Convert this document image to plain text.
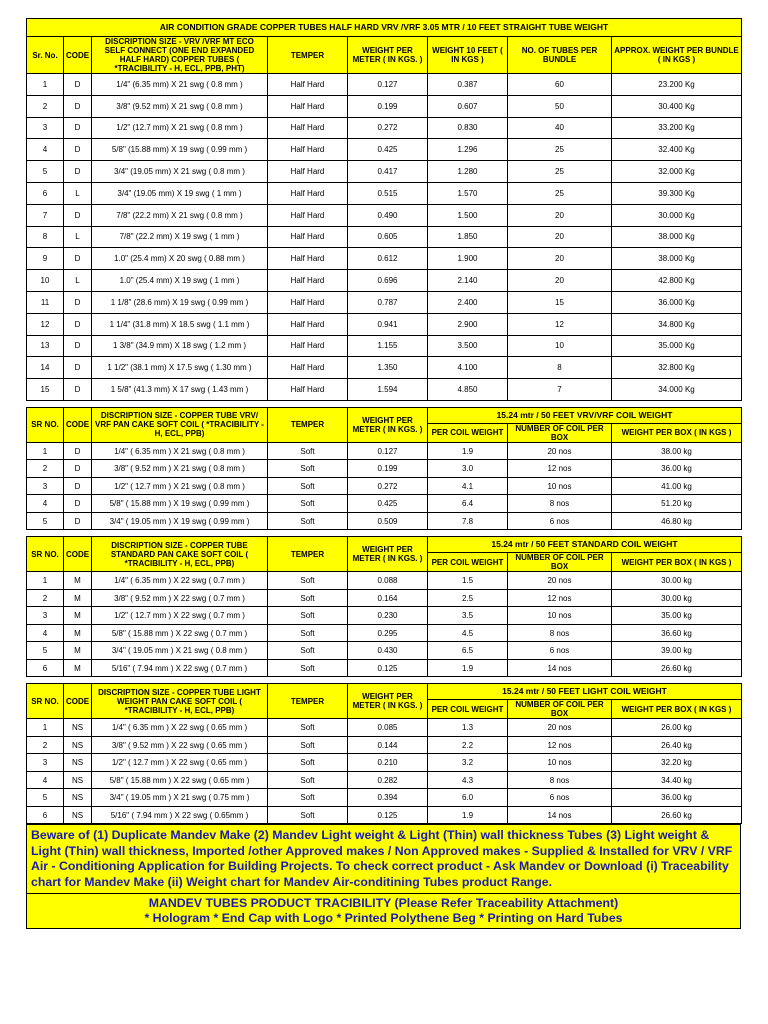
AIR CONDITION GRADE COPPER TUBES HALF HARD VRV /VRF 3.05 MTR / 10 FEET STRAIGHT TUBE WEIGHT							
Sr. No.	CODE	DISCRIPTION SIZE - VRV /VRF MT ECO SELF CONNECT (ONE END EXPANDED HALF HARD) COPPER TUBES ( *TRACIBILITY - H, ECL, PPB, PHT)	TEMPER	WEIGHT PER METER ( IN KGS. )	WEIGHT 10 FEET ( IN KGS )	NO. OF TUBES PER BUNDLE	APPROX. WEIGHT PER BUNDLE ( IN KGS )
1	D	1/4" (6.35 mm) X 21 swg ( 0.8 mm )	Half Hard	0.127	0.387	60	23.200 Kg
2	D	3/8" (9.52 mm) X 21 swg ( 0.8 mm )	Half Hard	0.199	0.607	50	30.400 Kg
3	D	1/2" (12.7 mm) X 21 swg ( 0.8 mm )	Half Hard	0.272	0.830	40	33.200 Kg
4	D	5/8" (15.88 mm) X 19 swg ( 0.99 mm )	Half Hard	0.425	1.296	25	32.400 Kg
5	D	3/4" (19.05 mm) X 21 swg ( 0.8 mm )	Half Hard	0.417	1.280	25	32.000 Kg
6	L	3/4" (19.05 mm) X 19 swg ( 1 mm )	Half Hard	0.515	1.570	25	39.300 Kg
7	D	7/8" (22.2 mm) X 21 swg ( 0.8 mm )	Half Hard	0.490	1.500	20	30.000 Kg
8	L	7/8" (22.2 mm) X 19 swg ( 1 mm )	Half Hard	0.605	1.850	20	38.000 Kg
9	D	1.0" (25.4 mm) X 20 swg ( 0.88 mm )	Half Hard	0.612	1.900	20	38.000 Kg
10	L	1.0" (25.4 mm) X 19 swg ( 1 mm )	Half Hard	0.696	2.140	20	42.800 Kg
11	D	1 1/8" (28.6 mm) X 19 swg ( 0.99 mm )	Half Hard	0.787	2.400	15	36.000 Kg
12	D	1 1/4" (31.8 mm) X 18.5 swg ( 1.1 mm )	Half Hard	0.941	2.900	12	34.800 Kg
13	D	1 3/8" (34.9 mm) X 18 swg ( 1.2 mm )	Half Hard	1.155	3.500	10	35.000 Kg
14	D	1 1/2" (38.1 mm) X 17.5 swg ( 1.30 mm )	Half Hard	1.350	4.100	8	32.800 Kg
15	D	1 5/8" (41.3 mm) X 17 swg ( 1.43 mm )	Half Hard	1.594	4.850	7	34.000 Kg
SR NO.	CODE	DISCRIPTION SIZE - COPPER TUBE VRV/ VRF PAN CAKE SOFT COIL ( *TRACIBILITY - H, ECL, PPB)	TEMPER	WEIGHT PER METER ( IN KGS. )	15.24 mtr / 50 FEET VRV/VRF COIL WEIGHT		
					PER COIL WEIGHT	NUMBER OF COIL PER BOX	WEIGHT PER BOX ( IN KGS )
1	D	1/4" ( 6.35 mm ) X 21 swg ( 0.8 mm )	Soft	0.127	1.9	20 nos	38.00 kg
2	D	3/8" ( 9.52 mm ) X 21 swg ( 0.8 mm )	Soft	0.199	3.0	12 nos	36.00 kg
3	D	1/2" ( 12.7 mm ) X 21 swg ( 0.8 mm )	Soft	0.272	4.1	10 nos	41.00 kg
4	D	5/8" ( 15.88 mm ) X 19 swg ( 0.99 mm )	Soft	0.425	6.4	8 nos	51.20 kg
5	D	3/4" ( 19.05 mm ) X 19 swg ( 0.99 mm )	Soft	0.509	7.8	6 nos	46.80 kg
SR NO.	CODE	DISCRIPTION SIZE - COPPER TUBE STANDARD PAN CAKE SOFT COIL ( *TRACIBILITY - H, ECL, PPB)	TEMPER	WEIGHT PER METER ( IN KGS. )	15.24 mtr / 50 FEET STANDARD COIL WEIGHT		
					PER COIL WEIGHT	NUMBER OF COIL PER BOX	WEIGHT PER BOX ( IN KGS )
1	M	1/4" ( 6.35 mm ) X 22 swg ( 0.7 mm )	Soft	0.088	1.5	20 nos	30.00 kg
2	M	3/8" ( 9.52 mm ) X 22 swg ( 0.7 mm )	Soft	0.164	2.5	12 nos	30.00 kg
3	M	1/2" ( 12.7 mm ) X 22 swg ( 0.7 mm )	Soft	0.230	3.5	10 nos	35.00 kg
4	M	5/8" ( 15.88 mm ) X 22 swg ( 0.7 mm )	Soft	0.295	4.5	8 nos	36.60 kg
5	M	3/4" ( 19.05 mm ) X 21 swg ( 0.8 mm )	Soft	0.430	6.5	6 nos	39.00 kg
6	M	5/16" ( 7.94 mm ) X 22 swg ( 0.7 mm )	Soft	0.125	1.9	14 nos	26.60 kg
SR NO.	CODE	DISCRIPTION SIZE - COPPER TUBE LIGHT WEIGHT PAN CAKE SOFT COIL ( *TRACIBILITY - H, ECL, PPB)	TEMPER	WEIGHT PER METER ( IN KGS. )	15.24 mtr / 50 FEET LIGHT COIL WEIGHT		
					PER COIL WEIGHT	NUMBER OF COIL PER BOX	WEIGHT PER BOX ( IN KGS )
1	NS	1/4" ( 6.35 mm ) X 22 swg ( 0.65 mm )	Soft	0.085	1.3	20 nos	26.00 kg
2	NS	3/8" ( 9.52 mm ) X 22 swg ( 0.65 mm )	Soft	0.144	2.2	12 nos	26.40 kg
3	NS	1/2" ( 12.7 mm ) X 22 swg ( 0.65 mm )	Soft	0.210	3.2	10 nos	32.20 kg
4	NS	5/8" ( 15.88 mm ) X 22 swg ( 0.65 mm )	Soft	0.282	4.3	8 nos	34.40 kg
5	NS	3/4" ( 19.05 mm ) X 21 swg ( 0.75 mm )	Soft	0.394	6.0	6 nos	36.00 kg
6	NS	5/16" ( 7.94 mm ) X 22 swg ( 0.65mm )	Soft	0.125	1.9	14 nos	26.60 kg
Beware of (1) Duplicate Mandev Make (2) Mandev Light weight & Light (Thin) wall thickness Tubes (3) Light weight & Light (Thin) wall thickness, Imported /other Approved makes / Non Approved makes - Supplied & Installed for VRV / VRF Air - Conditioning Application for Building Projects. To check correct product - Ask Mandev or Download (i) Traceability chart for Mandev Make (ii) Weight chart for Mandev Air-conditining Tubes product Range.
MANDEV TUBES PRODUCT TRACIBILITY (Please Refer Traceability Attachment)
* Hologram * End Cap with Logo * Printed Polythene Beg * Printing on Hard Tubes
